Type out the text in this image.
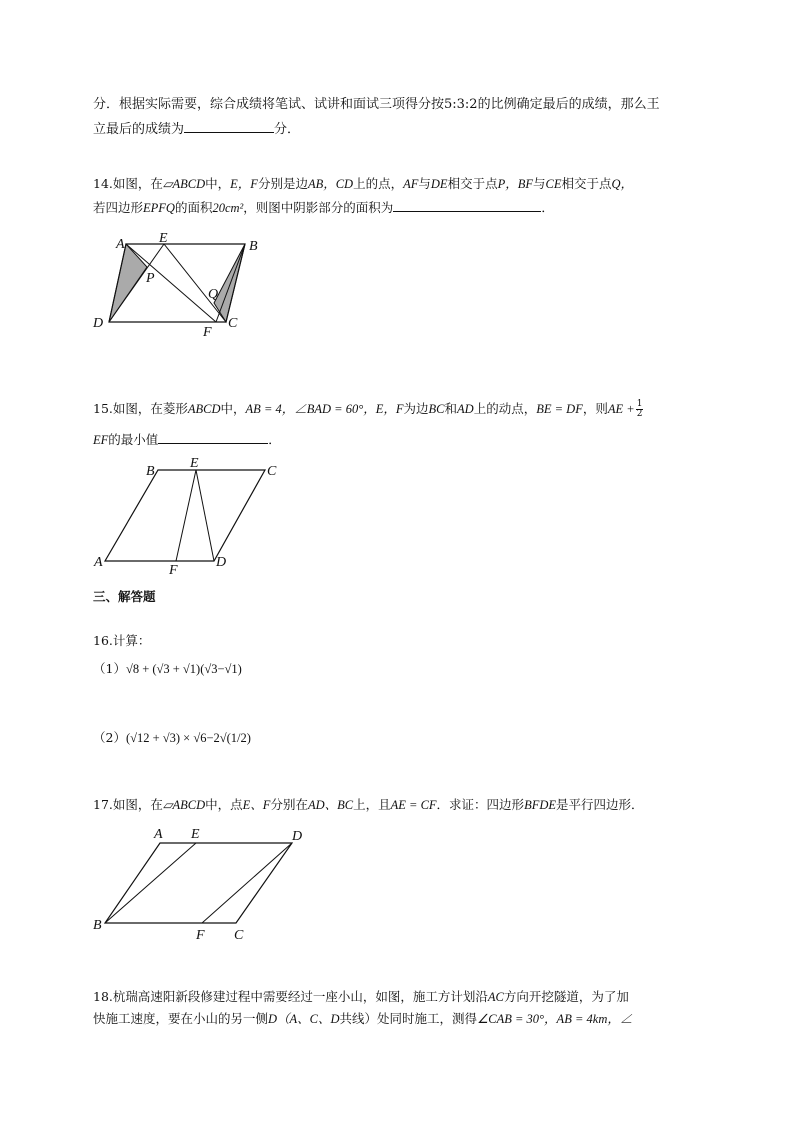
分．根据实际需要，综合成绩将笔试、试讲和面试三项得分按5:3:2的比例确定最后的成绩，那么王
立最后的成绩为	分．
14.如图，在▱ABCD中，E，F分别是边AB，CD上的点，AF与DE相交于点P，BF与CE相交于点Q，
若四边形EPFQ的面积20cm²，则图中阴影部分的面积为	．
A E
B
P
Q
D
F
C
15.如图，在菱形ABCD中，AB = 4，∠BAD = 60°，E，F为边BC和AD上的动点，BE = DF，则AE + $\frac{1}{2}$
EF的最小值	．
B
E
C
A
F
D
三、解答题
16.计算：
（1）√8 + (√3 + √1)(√3−√1)
（2）(√12 + √3) × √6−2√(1/2)
17.如图，在▱ABCD中，点E、F分别在AD、BC上，且AE = CF．求证：四边形BFDE是平行四边形．
A E	D
B
F C
18.杭瑞高速阳新段修建过程中需要经过一座小山，如图，施工方计划沿AC方向开挖隧道，为了加
快施工速度，要在小山的另一侧D（A、C、D共线）处同时施工，测得∠CAB = 30°，AB = 4km，∠
